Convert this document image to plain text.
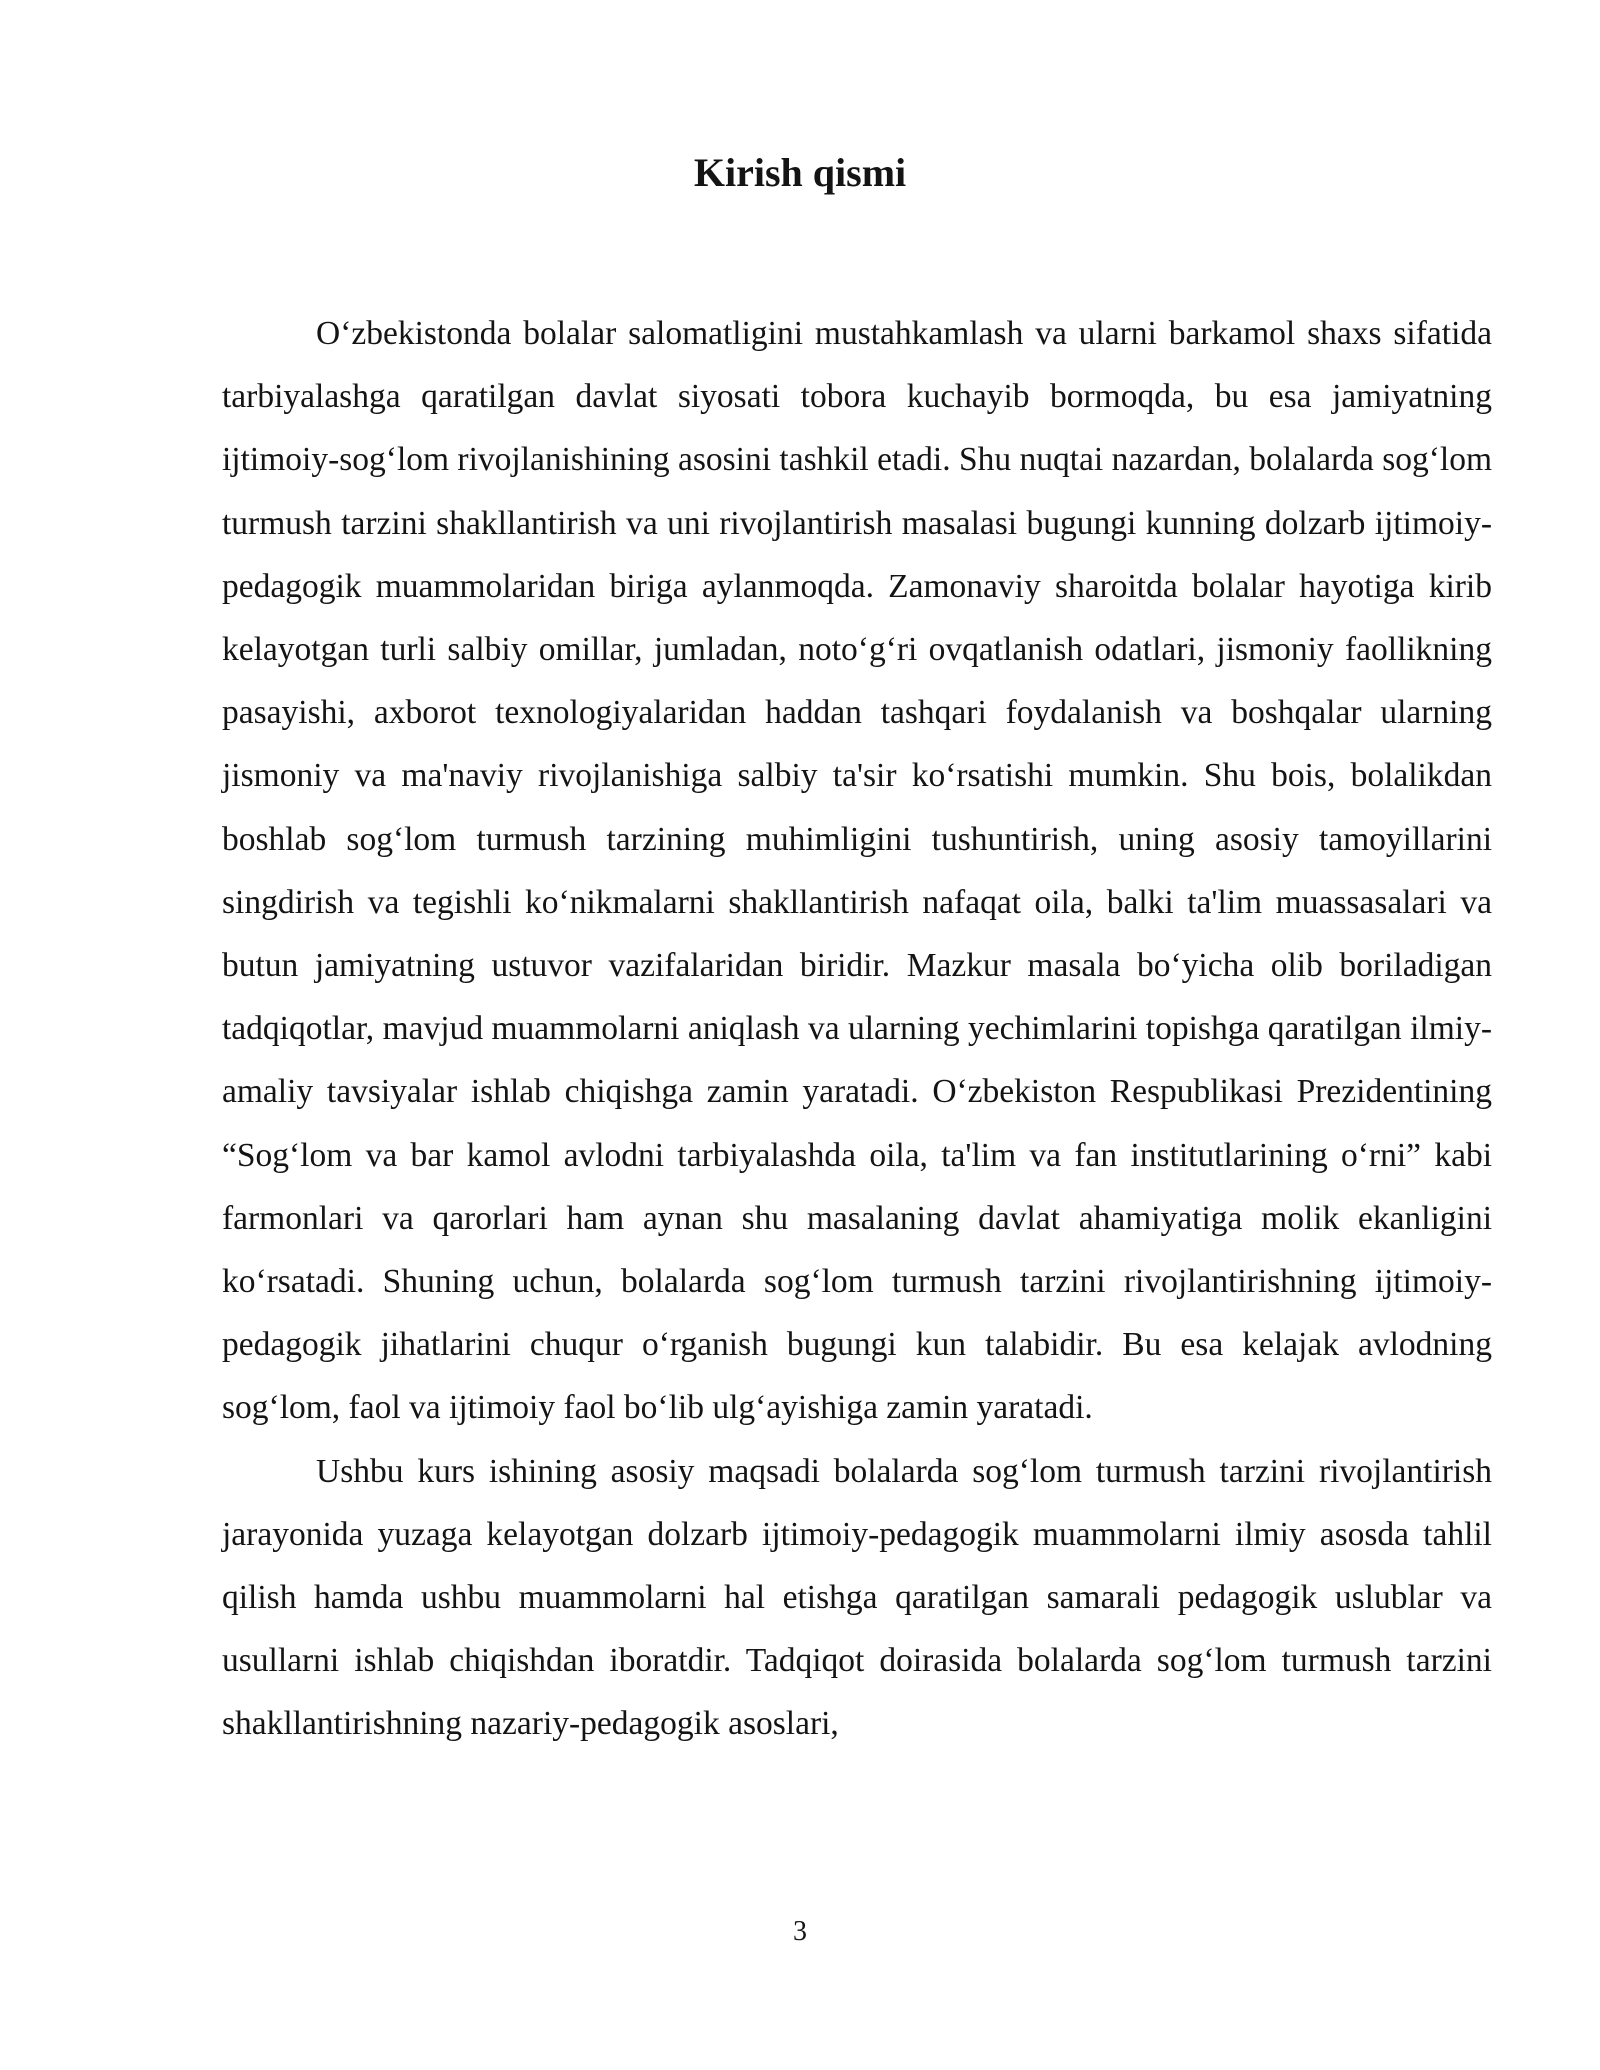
Kirish qismi

O‘zbekistonda bolalar salomatligini mustahkamlash va ularni barkamol shaxs sifatida tarbiyalashga qaratilgan davlat siyosati tobora kuchayib bormoqda, bu esa jamiyatning ijtimoiy-sog‘lom rivojlanishining asosini tashkil etadi. Shu nuqtai nazardan, bolalarda sog‘lom turmush tarzini shakllantirish va uni rivojlantirish masalasi bugungi kunning dolzarb ijtimoiy-pedagogik muammolaridan biriga aylanmoqda. Zamonaviy sharoitda bolalar hayotiga kirib kelayotgan turli salbiy omillar, jumladan, noto‘g‘ri ovqatlanish odatlari, jismoniy faollikning pasayishi, axborot texnologiyalaridan haddan tashqari foydalanish va boshqalar ularning jismoniy va ma'naviy rivojlanishiga salbiy ta'sir ko‘rsatishi mumkin. Shu bois, bolalikdan boshlab sog‘lom turmush tarzining muhimligini tushuntirish, uning asosiy tamoyillarini singdirish va tegishli ko‘nikmalarni shakllantirish nafaqat oila, balki ta'lim muassasalari va butun jamiyatning ustuvor vazifalaridan biridir. Mazkur masala bo‘yicha olib boriladigan tadqiqotlar, mavjud muammolarni aniqlash va ularning yechimlarini topishga qaratilgan ilmiy-amaliy tavsiyalar ishlab chiqishga zamin yaratadi. O‘zbekiston Respublikasi Prezidentining “Sog‘lom va bar kamol avlodni tarbiyalashda oila, ta'lim va fan institutlarining o‘rni” kabi farmonlari va qarorlari ham aynan shu masalaning davlat ahamiyatiga molik ekanligini ko‘rsatadi. Shuning uchun, bolalarda sog‘lom turmush tarzini rivojlantirishning ijtimoiy-pedagogik jihatlarini chuqur o‘rganish bugungi kun talabidir. Bu esa kelajak avlodning sog‘lom, faol va ijtimoiy faol bo‘lib ulg‘ayishiga zamin yaratadi.

Ushbu kurs ishining asosiy maqsadi bolalarda sog‘lom turmush tarzini rivojlantirish jarayonida yuzaga kelayotgan dolzarb ijtimoiy-pedagogik muammolarni ilmiy asosda tahlil qilish hamda ushbu muammolarni hal etishga qaratilgan samarali pedagogik uslublar va usullarni ishlab chiqishdan iboratdir. Tadqiqot doirasida bolalarda sog‘lom turmush tarzini shakllantirishning nazariy-pedagogik asoslari,

3
